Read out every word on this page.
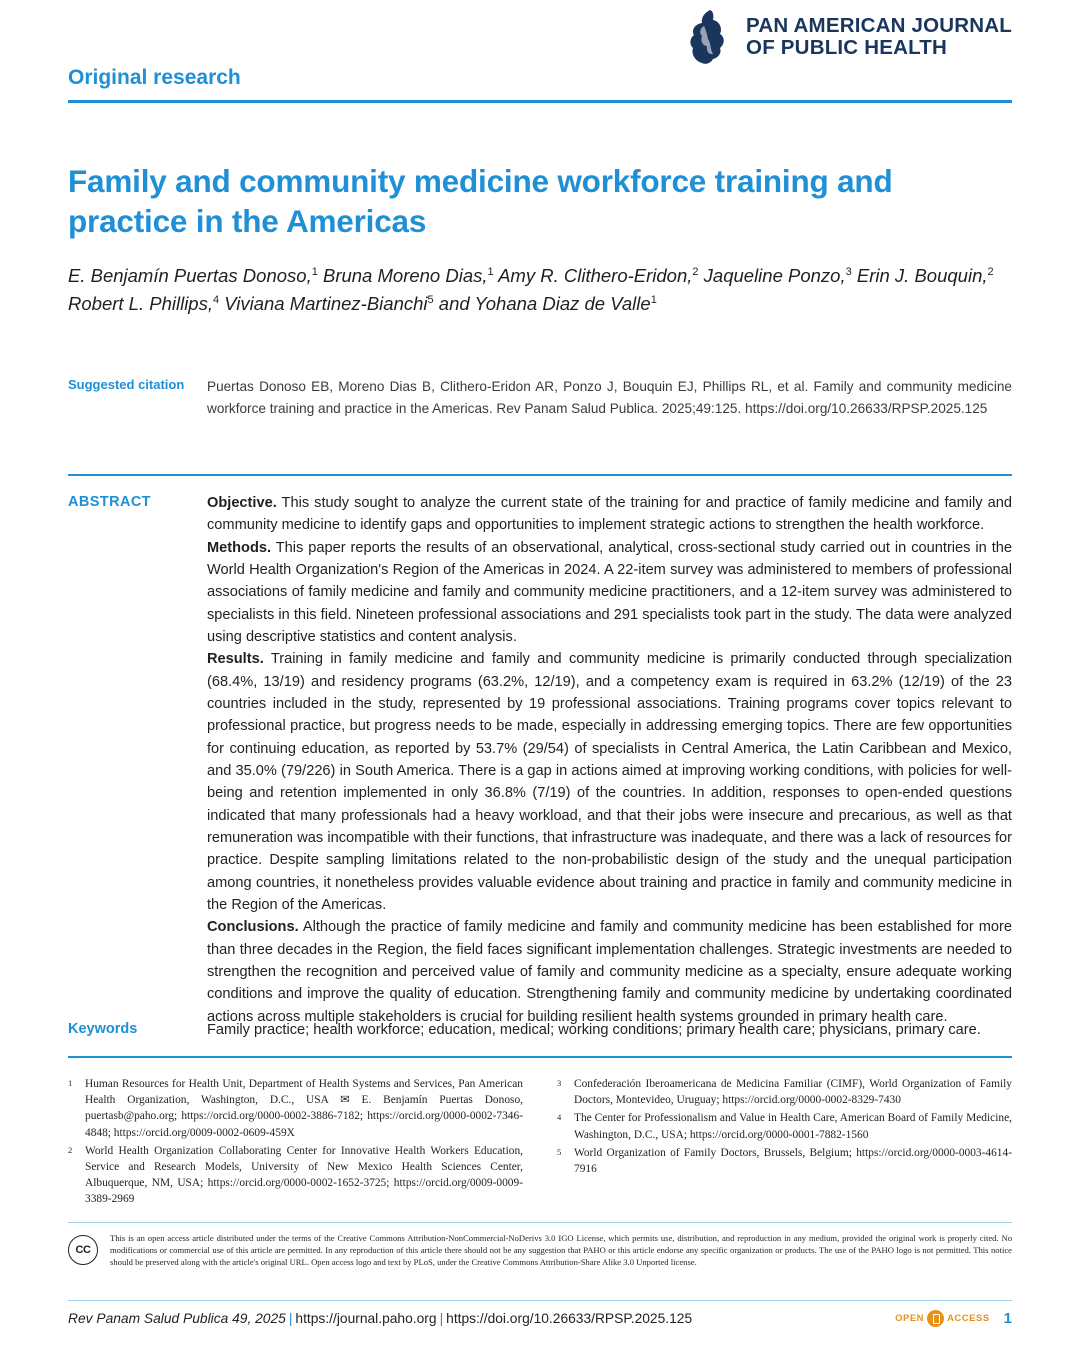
PAN AMERICAN JOURNAL
OF PUBLIC HEALTH
Original research
Family and community medicine workforce training and practice in the Americas
E. Benjamín Puertas Donoso,$^1$ Bruna Moreno Dias,$^1$ Amy R. Clithero-Eridon,$^2$ Jaqueline Ponzo,$^3$ Erin J. Bouquin,$^2$ Robert L. Phillips,$^4$ Viviana Martinez-Bianchi$^5$ and Yohana Diaz de Valle$^1$
Suggested citation	Puertas Donoso EB, Moreno Dias B, Clithero-Eridon AR, Ponzo J, Bouquin EJ, Phillips RL, et al. Family and community medicine workforce training and practice in the Americas. Rev Panam Salud Publica. 2025;49:125. https://doi.org/10.26633/RPSP.2025.125
ABSTRACT	Objective. This study sought to analyze the current state of the training for and practice of family medicine and family and community medicine to identify gaps and opportunities to implement strategic actions to strengthen the health workforce.

Methods. This paper reports the results of an observational, analytical, cross-sectional study carried out in countries in the World Health Organization's Region of the Americas in 2024. A 22-item survey was administered to members of professional associations of family medicine and family and community medicine practitioners, and a 12-item survey was administered to specialists in this field. Nineteen professional associations and 291 specialists took part in the study. The data were analyzed using descriptive statistics and content analysis.

Results. Training in family medicine and family and community medicine is primarily conducted through specialization (68.4%, 13/19) and residency programs (63.2%, 12/19), and a competency exam is required in 63.2% (12/19) of the 23 countries included in the study, represented by 19 professional associations. Training programs cover topics relevant to professional practice, but progress needs to be made, especially in addressing emerging topics. There are few opportunities for continuing education, as reported by 53.7% (29/54) of specialists in Central America, the Latin Caribbean and Mexico, and 35.0% (79/226) in South America. There is a gap in actions aimed at improving working conditions, with policies for well-being and retention implemented in only 36.8% (7/19) of the countries. In addition, responses to open-ended questions indicated that many professionals had a heavy workload, and that their jobs were insecure and precarious, as well as that remuneration was incompatible with their functions, that infrastructure was inadequate, and there was a lack of resources for practice. Despite sampling limitations related to the non-probabilistic design of the study and the unequal participation among countries, it nonetheless provides valuable evidence about training and practice in family and community medicine in the Region of the Americas.

Conclusions. Although the practice of family medicine and family and community medicine has been established for more than three decades in the Region, the field faces significant implementation challenges. Strategic investments are needed to strengthen the recognition and perceived value of family and community medicine as a specialty, ensure adequate working conditions and improve the quality of education. Strengthening family and community medicine by undertaking coordinated actions across multiple stakeholders is crucial for building resilient health systems grounded in primary health care.

Keywords	Family practice; health workforce; education, medical; working conditions; primary health care; physicians, primary care.
1	Human Resources for Health Unit, Department of Health Systems and Services, Pan American Health Organization, Washington, D.C., USA ✉ E. Benjamín Puertas Donoso, puertasb@paho.org; https://orcid.org/0000-0002-3886-7182; https://orcid.org/0000-0002-7346-4848; https://orcid.org/0009-0002-0609-459X
2	World Health Organization Collaborating Center for Innovative Health Workers Education, Service and Research Models, University of New Mexico Health Sciences Center, Albuquerque, NM, USA; https://orcid.org/0000-0002-1652-3725; https://orcid.org/0009-0009-3389-2969
3	Confederación Iberoamericana de Medicina Familiar (CIMF), World Organization of Family Doctors, Montevideo, Uruguay; https://orcid.org/0000-0002-8329-7430
4	The Center for Professionalism and Value in Health Care, American Board of Family Medicine, Washington, D.C., USA; https://orcid.org/0000-0001-7882-1560
5	World Organization of Family Doctors, Brussels, Belgium; https://orcid.org/0000-0003-4614-7916
CC
This is an open access article distributed under the terms of the Creative Commons Attribution-NonCommercial-NoDerivs 3.0 IGO License, which permits use, distribution, and reproduction in any medium, provided the original work is properly cited. No modifications or commercial use of this article are permitted. In any reproduction of this article there should not be any suggestion that PAHO or this article endorse any specific organization or products. The use of the PAHO logo is not permitted. This notice should be preserved along with the article's original URL. Open access logo and text by PLoS, under the Creative Commons Attribution-Share Alike 3.0 Unported license.
Rev Panam Salud Publica 49, 2025 | https://journal.paho.org | https://doi.org/10.26633/RPSP.2025.125	OPEN ACCESS 1
